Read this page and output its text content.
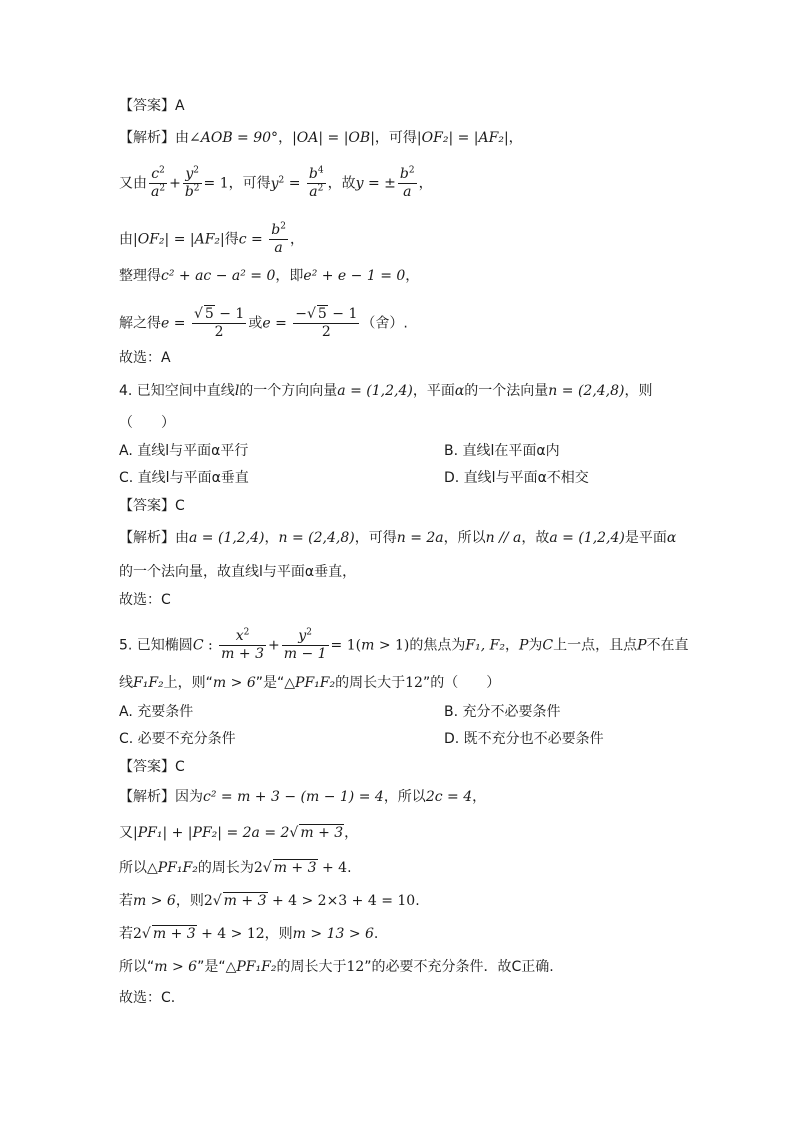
【答案】A
【解析】由∠AOB = 90°，|OA| = |OB|，可得|OF₂| = |AF₂|，
又由 $\frac{c^2}{a^2} + \frac{y^2}{b^2} = 1$，可得$y^2 = \frac{b^4}{a^2}$ ，故y = ± $\frac{b^2}{a}$ ，
由|OF₂| = |AF₂|得$c = \frac{b^2}{a}$ ，
整理得c² + ac − a² = 0，即e² + e − 1 = 0，
解之得$e = \frac{√ 5 - 1}{2}$ 或$e = \frac{-√ 5 - 1}{2}$ （舍）.
故选：A
4. 已知空间中直线l的一个方向向量a = (1,2,4)，平面α的一个法向量n = (2,4,8)，则
（　　）
A. 直线l与平面α平行	B. 直线l在平面α内
C. 直线l与平面α垂直	D. 直线l与平面α不相交
【答案】C
【解析】由a = (1,2,4)，n = (2,4,8)，可得n = 2a，所以n // a，故a = (1,2,4)是平面α
的一个法向量，故直线l与平面α垂直，
故选：C
5. 已知椭圆C : $\frac{x^2}{m + 3} + \frac{y^2}{m - 1} = 1(m > 1)$的焦点为F₁, F₂，P为C上一点，且点P不在直
线F₁F₂上，则“m > 6”是“△PF₁F₂的周长大于12”的（　　）
A. 充要条件	B. 充分不必要条件
C. 必要不充分条件	D. 既不充分也不必要条件
【答案】C
【解析】因为c² = m + 3 − (m − 1) = 4，所以2c = 4，
又|PF₁| + |PF₂| = 2a = 2√ m + 3，
所以△PF₁F₂的周长为2√ m + 3 + 4.
若m > 6，则2√ m + 3 + 4 > 2×3 + 4 = 10.
若2√ m + 3 + 4 > 12，则m > 13 > 6.
所以“m > 6”是“△PF₁F₂的周长大于12”的必要不充分条件．故C正确.
故选：C.
